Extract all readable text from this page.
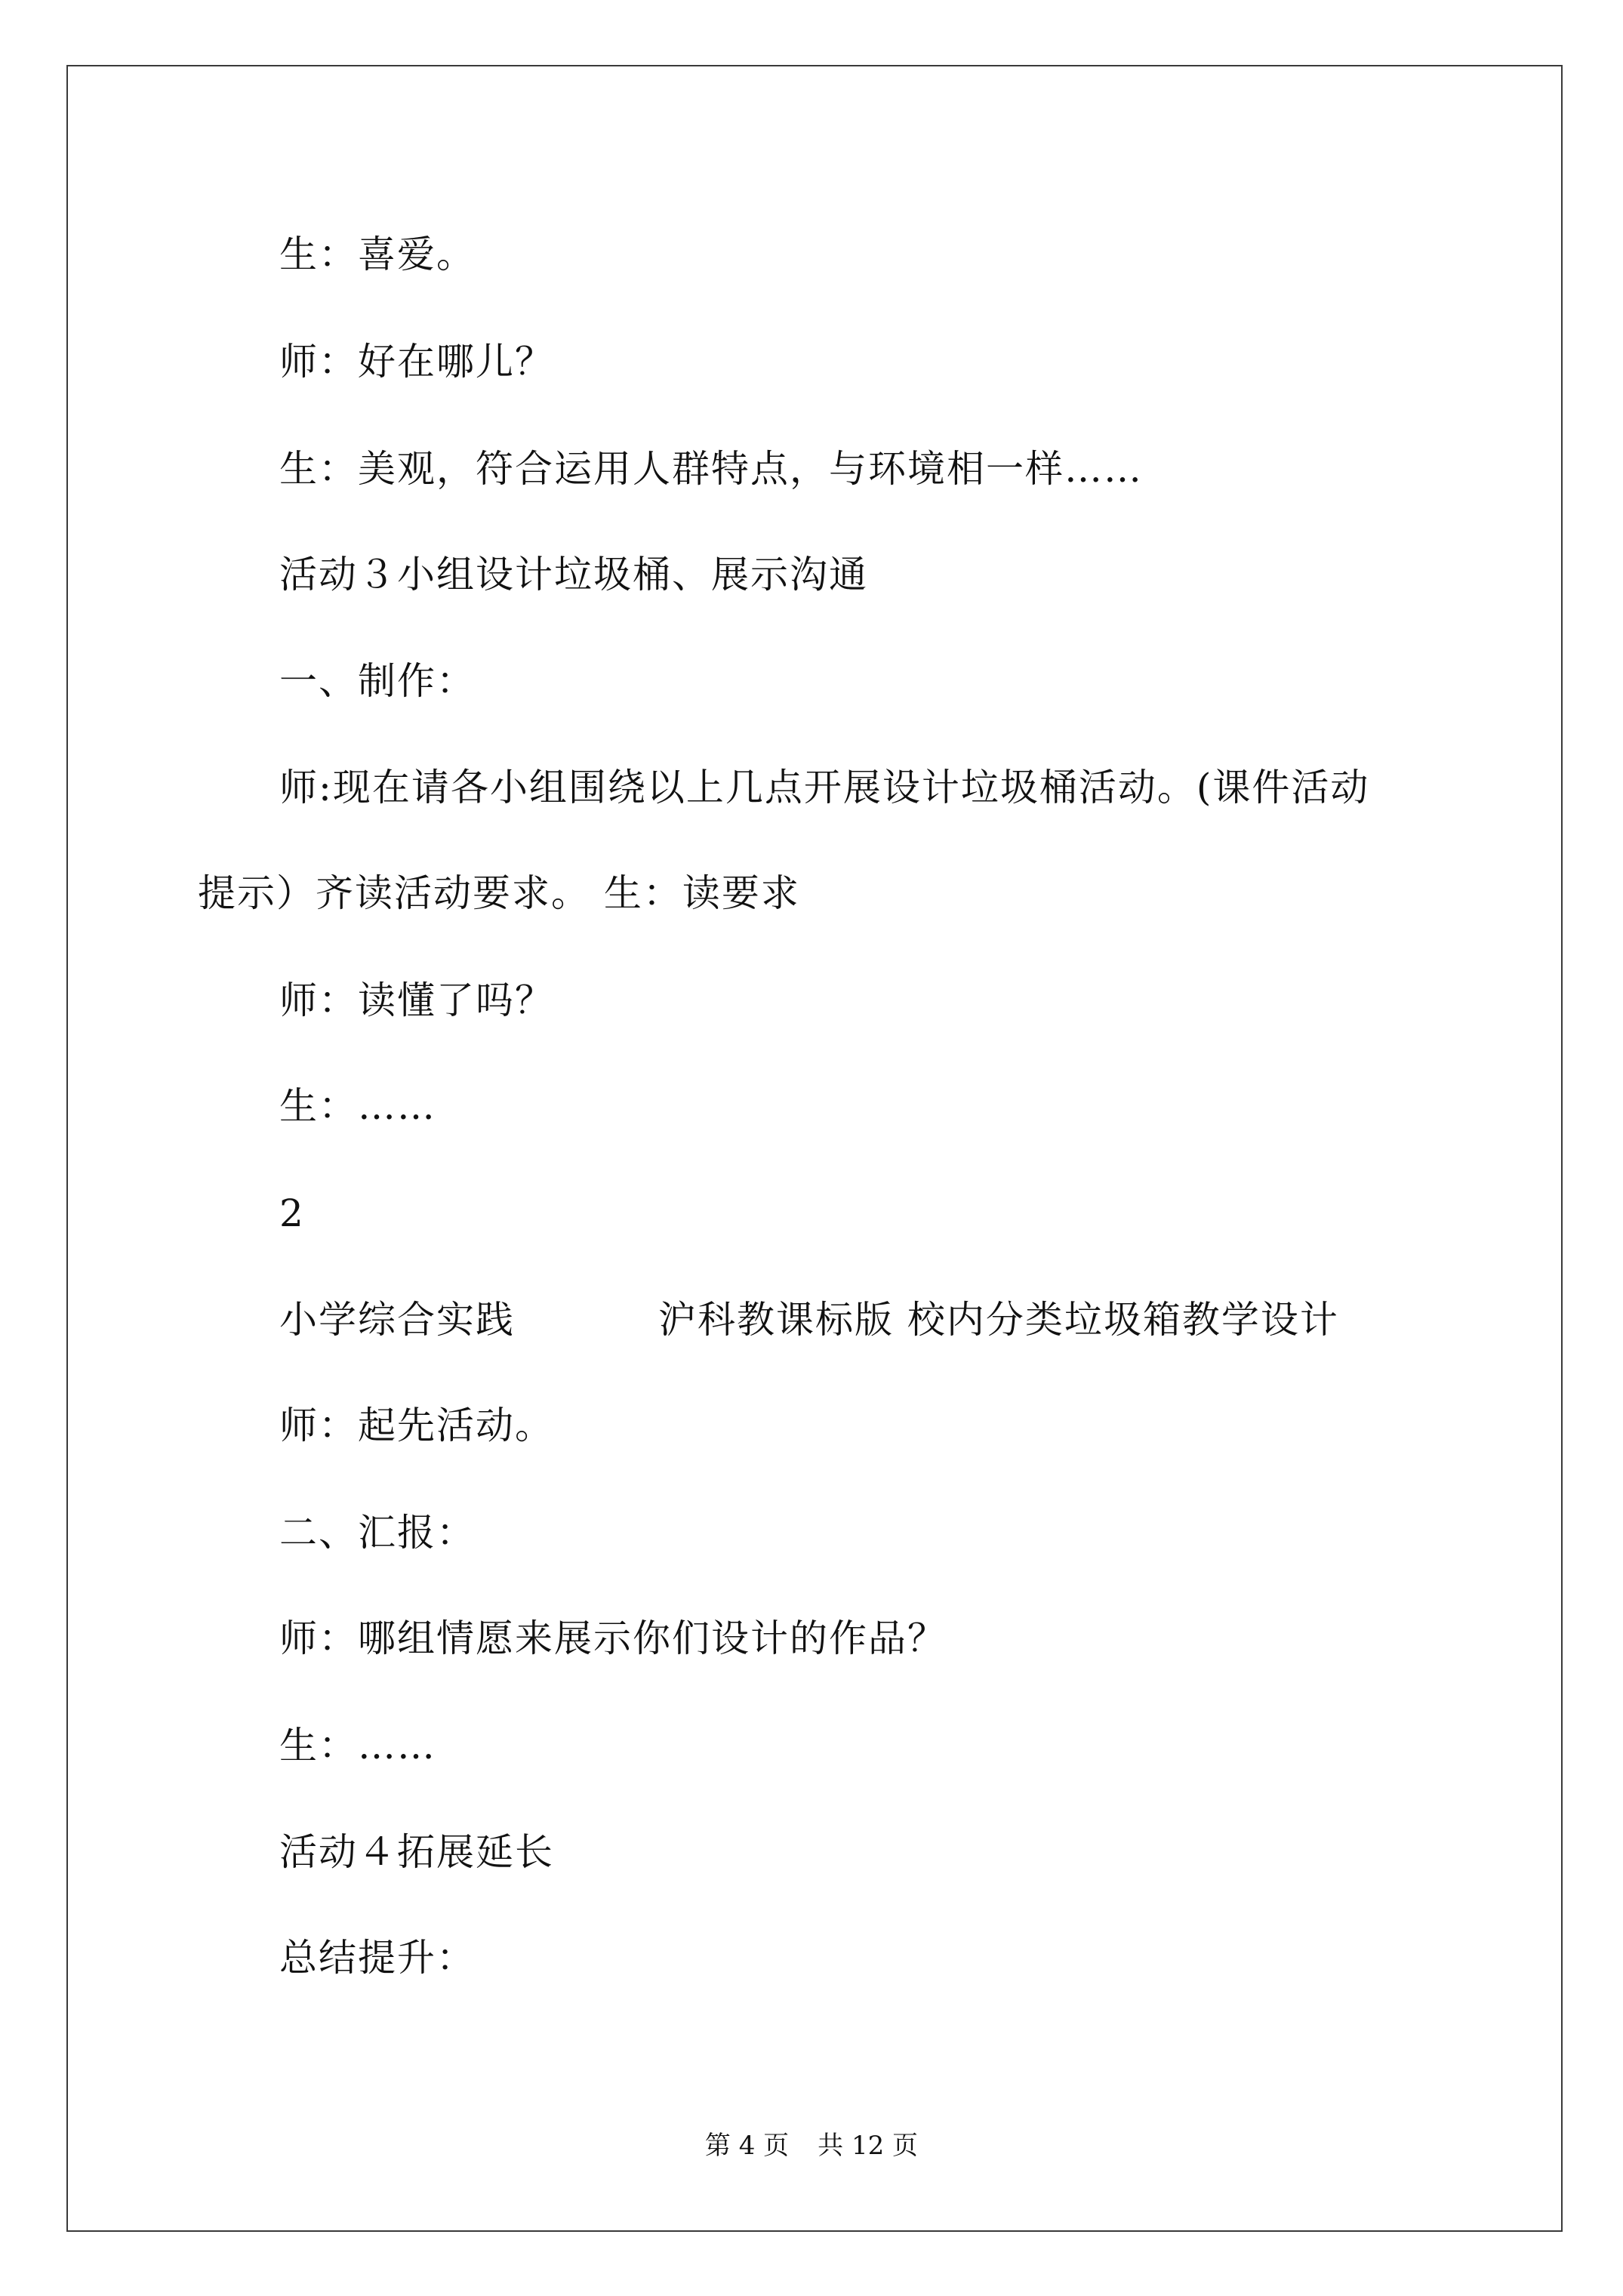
生：喜爱。
师：好在哪儿？
生：美观，符合运用人群特点，与环境相一样……
活动３小组设计垃圾桶、展示沟通
一、制作：
师:现在请各小组围绕以上几点开展设计垃圾桶活动。(课件活动
提示）齐读活动要求。 生：读要求
师：读懂了吗？
生：……
2
小学综合实践	沪科教课标版 校内分类垃圾箱教学设计
师：起先活动。
二、汇报：
师：哪组情愿来展示你们设计的作品？
生：……
活动４拓展延长
总结提升：
第 4 页 共 12 页
